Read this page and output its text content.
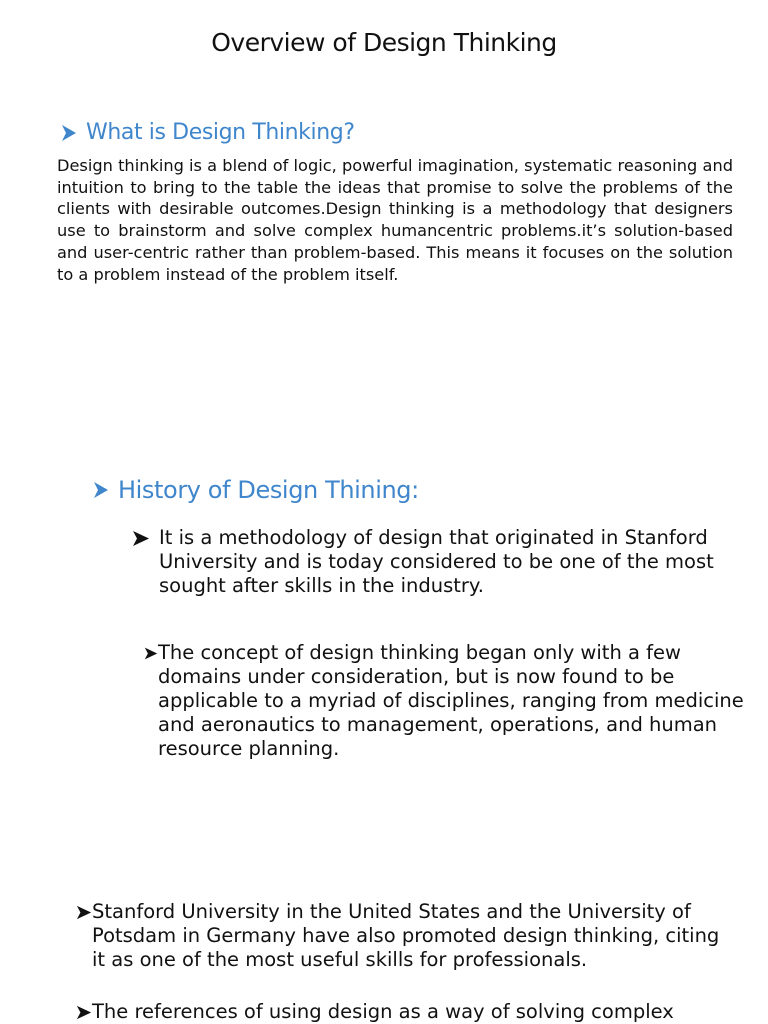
Overview of Design Thinking
What is Design Thinking?

Design thinking is a blend of logic, powerful imagination, systematic reasoning and intuition to bring to the table the ideas that promise to solve the problems of the clients with desirable outcomes.Design thinking is a methodology that designers use to brainstorm and solve complex humancentric problems.it’s solution-based and user-centric rather than problem-based. This means it focuses on the solution to a problem instead of the problem itself.

History of Design Thining:

It is a methodology of design that originated in Stanford University and is today considered to be one of the most sought after skills in the industry.

The concept of design thinking began only with a few domains under consideration, but is now found to be applicable to a myriad of disciplines, ranging from medicine and aeronautics to management, operations, and human resource planning.

Stanford University in the United States and the University of Potsdam in Germany have also promoted design thinking, citing it as one of the most useful skills for professionals.

The references of using design as a way of solving complex
